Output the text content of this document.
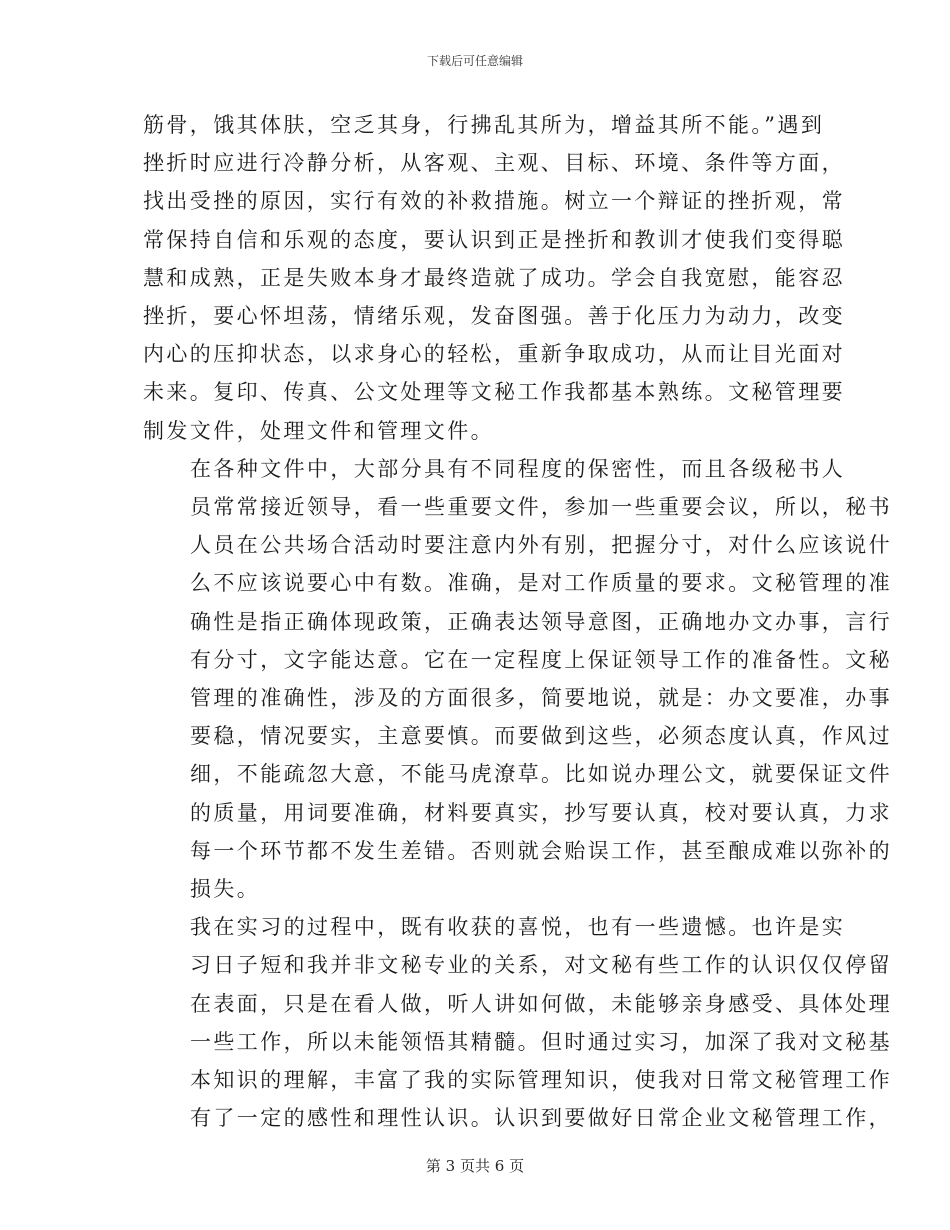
下载后可任意编辑

筋骨，饿其体肤，空乏其身，行拂乱其所为，增益其所不能。”遇到
挫折时应进行冷静分析，从客观、主观、目标、环境、条件等方面，
找出受挫的原因，实行有效的补救措施。树立一个辩证的挫折观，常
常保持自信和乐观的态度，要认识到正是挫折和教训才使我们变得聪
慧和成熟，正是失败本身才最终造就了成功。学会自我宽慰，能容忍
挫折，要心怀坦荡，情绪乐观，发奋图强。善于化压力为动力，改变
内心的压抑状态，以求身心的轻松，重新争取成功，从而让目光面对
未来。复印、传真、公文处理等文秘工作我都基本熟练。文秘管理要
制发文件，处理文件和管理文件。

在各种文件中，大部分具有不同程度的保密性，而且各级秘书人
员常常接近领导，看一些重要文件，参加一些重要会议，所以，秘书
人员在公共场合活动时要注意内外有别，把握分寸，对什么应该说什
么不应该说要心中有数。准确，是对工作质量的要求。文秘管理的准
确性是指正确体现政策，正确表达领导意图，正确地办文办事，言行
有分寸，文字能达意。它在一定程度上保证领导工作的准备性。文秘
管理的准确性，涉及的方面很多，简要地说，就是：办文要准，办事
要稳，情况要实，主意要慎。而要做到这些，必须态度认真，作风过
细，不能疏忽大意，不能马虎潦草。比如说办理公文，就要保证文件
的质量，用词要准确，材料要真实，抄写要认真，校对要认真，力求
每一个环节都不发生差错。否则就会贻误工作，甚至酿成难以弥补的
损失。

我在实习的过程中，既有收获的喜悦，也有一些遗憾。也许是实
习日子短和我并非文秘专业的关系，对文秘有些工作的认识仅仅停留
在表面，只是在看人做，听人讲如何做，未能够亲身感受、具体处理
一些工作，所以未能领悟其精髓。但时通过实习，加深了我对文秘基
本知识的理解，丰富了我的实际管理知识，使我对日常文秘管理工作
有了一定的感性和理性认识。认识到要做好日常企业文秘管理工作，

第 3 页共 6 页
